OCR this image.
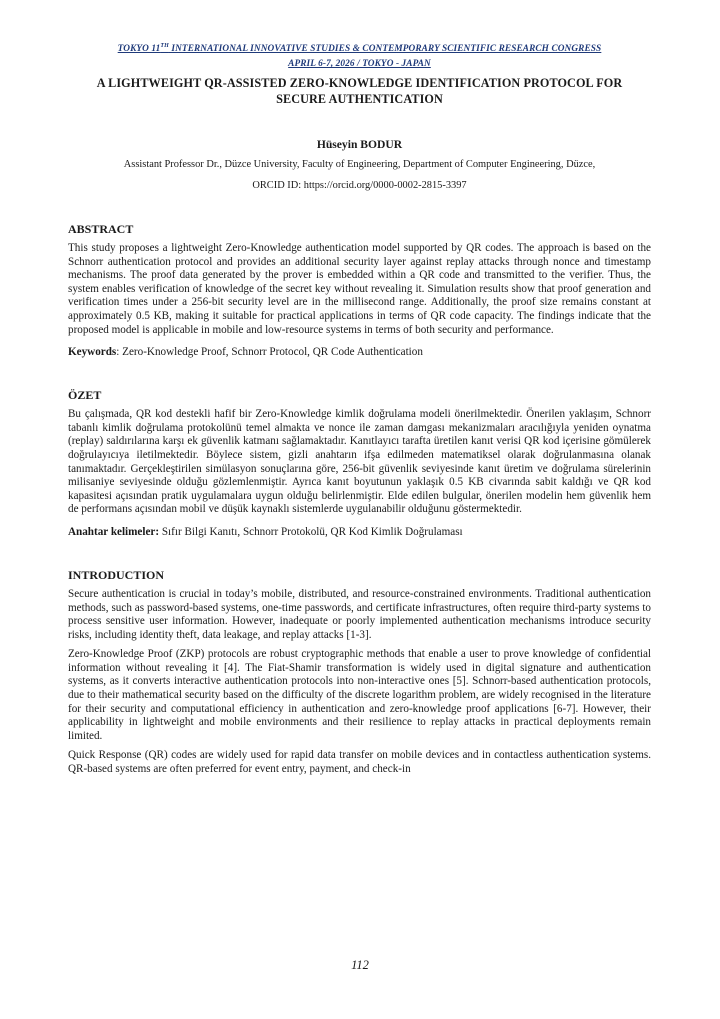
TOKYO 11TH INTERNATIONAL INNOVATIVE STUDIES & CONTEMPORARY SCIENTIFIC RESEARCH CONGRESS
APRIL 6-7, 2026 / TOKYO - JAPAN
A LIGHTWEIGHT QR-ASSISTED ZERO-KNOWLEDGE IDENTIFICATION PROTOCOL FOR
SECURE AUTHENTICATION
Hüseyin BODUR
Assistant Professor Dr., Düzce University, Faculty of Engineering, Department of Computer Engineering, Düzce,
ORCID ID: https://orcid.org/0000-0002-2815-3397
ABSTRACT

This study proposes a lightweight Zero-Knowledge authentication model supported by QR codes. The approach is based on the Schnorr authentication protocol and provides an additional security layer against replay attacks through nonce and timestamp mechanisms. The proof data generated by the prover is embedded within a QR code and transmitted to the verifier. Thus, the system enables verification of knowledge of the secret key without revealing it. Simulation results show that proof generation and verification times under a 256-bit security level are in the millisecond range. Additionally, the proof size remains constant at approximately 0.5 KB, making it suitable for practical applications in terms of QR code capacity. The findings indicate that the proposed model is applicable in mobile and low-resource systems in terms of both security and performance.

Keywords: Zero-Knowledge Proof, Schnorr Protocol, QR Code Authentication

ÖZET

Bu çalışmada, QR kod destekli hafif bir Zero-Knowledge kimlik doğrulama modeli önerilmektedir. Önerilen yaklaşım, Schnorr tabanlı kimlik doğrulama protokolünü temel almakta ve nonce ile zaman damgası mekanizmaları aracılığıyla yeniden oynatma (replay) saldırılarına karşı ek güvenlik katmanı sağlamaktadır. Kanıtlayıcı tarafta üretilen kanıt verisi QR kod içerisine gömülerek doğrulayıcıya iletilmektedir. Böylece sistem, gizli anahtarın ifşa edilmeden matematiksel olarak doğrulanmasına olanak tanımaktadır. Gerçekleştirilen simülasyon sonuçlarına göre, 256-bit güvenlik seviyesinde kanıt üretim ve doğrulama sürelerinin milisaniye seviyesinde olduğu gözlemlenmiştir. Ayrıca kanıt boyutunun yaklaşık 0.5 KB civarında sabit kaldığı ve QR kod kapasitesi açısından pratik uygulamalara uygun olduğu belirlenmiştir. Elde edilen bulgular, önerilen modelin hem güvenlik hem de performans açısından mobil ve düşük kaynaklı sistemlerde uygulanabilir olduğunu göstermektedir.

Anahtar kelimeler: Sıfır Bilgi Kanıtı, Schnorr Protokolü, QR Kod Kimlik Doğrulaması

INTRODUCTION

Secure authentication is crucial in today’s mobile, distributed, and resource-constrained environments. Traditional authentication methods, such as password-based systems, one-time passwords, and certificate infrastructures, often require third-party systems to process sensitive user information. However, inadequate or poorly implemented authentication mechanisms introduce security risks, including identity theft, data leakage, and replay attacks [1-3].

Zero-Knowledge Proof (ZKP) protocols are robust cryptographic methods that enable a user to prove knowledge of confidential information without revealing it [4]. The Fiat-Shamir transformation is widely used in digital signature and authentication systems, as it converts interactive authentication protocols into non-interactive ones [5]. Schnorr-based authentication protocols, due to their mathematical security based on the difficulty of the discrete logarithm problem, are widely recognised in the literature for their security and computational efficiency in authentication and zero-knowledge proof applications [6-7]. However, their applicability in lightweight and mobile environments and their resilience to replay attacks in practical deployments remain limited.

Quick Response (QR) codes are widely used for rapid data transfer on mobile devices and in contactless authentication systems. QR-based systems are often preferred for event entry, payment, and check-in

112
